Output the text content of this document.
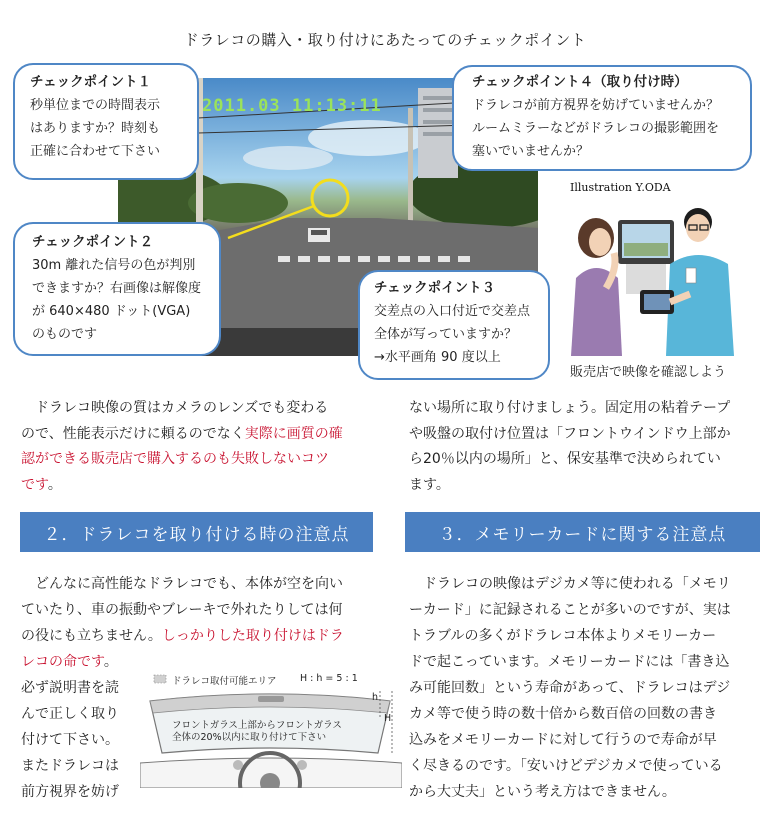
ドラレコの購入・取り付けにあたってのチェックポイント
2011.03 11:13:11
チェックポイント１
秒単位までの時間表示
はありますか？時刻も
正確に合わせて下さい
チェックポイント４（取り付け時）
ドラレコが前方視界を妨げていませんか？
ルームミラーなどがドラレコの撮影範囲を
塞いでいませんか？
チェックポイント２
30m 離れた信号の色が判別
できますか？右画像は解像度
が 640×480 ドット(VGA)
のものです
チェックポイント３
交差点の入口付近で交差点
全体が写っていますか？
→水平画角 90 度以上
Illustration Y.ODA
販売店で映像を確認しよう
　ドラレコ映像の質はカメラのレンズでも変わる
ので、性能表示だけに頼るのでなく実際に画質の確
認ができる販売店で購入するのも失敗しないコツ
です。
ない場所に取り付けましょう。固定用の粘着テープ
や吸盤の取付け位置は「フロントウインドウ上部か
ら20％以内の場所」と、保安基準で決められてい
ます。
２．ドラレコを取り付ける時の注意点	３．メモリーカードに関する注意点
　どんなに高性能なドラレコでも、本体が空を向い
ていたり、車の振動やブレーキで外れたりしては何
の役にも立ちません。しっかりした取り付けはドラ
レコの命です。
必ず説明書を読
んで正しく取り
付けて下さい。
またドラレコは
前方視界を妨げ
ドラレコ取付可能エリア H : h = 5 : 1
h
H
フロントガラス上部からフロントガラス
全体の20%以内に取り付けて下さい
　ドラレコの映像はデジカメ等に使われる「メモリ
ーカード」に記録されることが多いのですが、実は
トラブルの多くがドラレコ本体よりメモリーカー
ドで起こっています。メモリーカードには「書き込
み可能回数」という寿命があって、ドラレコはデジ
カメ等で使う時の数十倍から数百倍の回数の書き
込みをメモリーカードに対して行うので寿命が早
く尽きるのです。「安いけどデジカメで使っている
から大丈夫」という考え方はできません。
